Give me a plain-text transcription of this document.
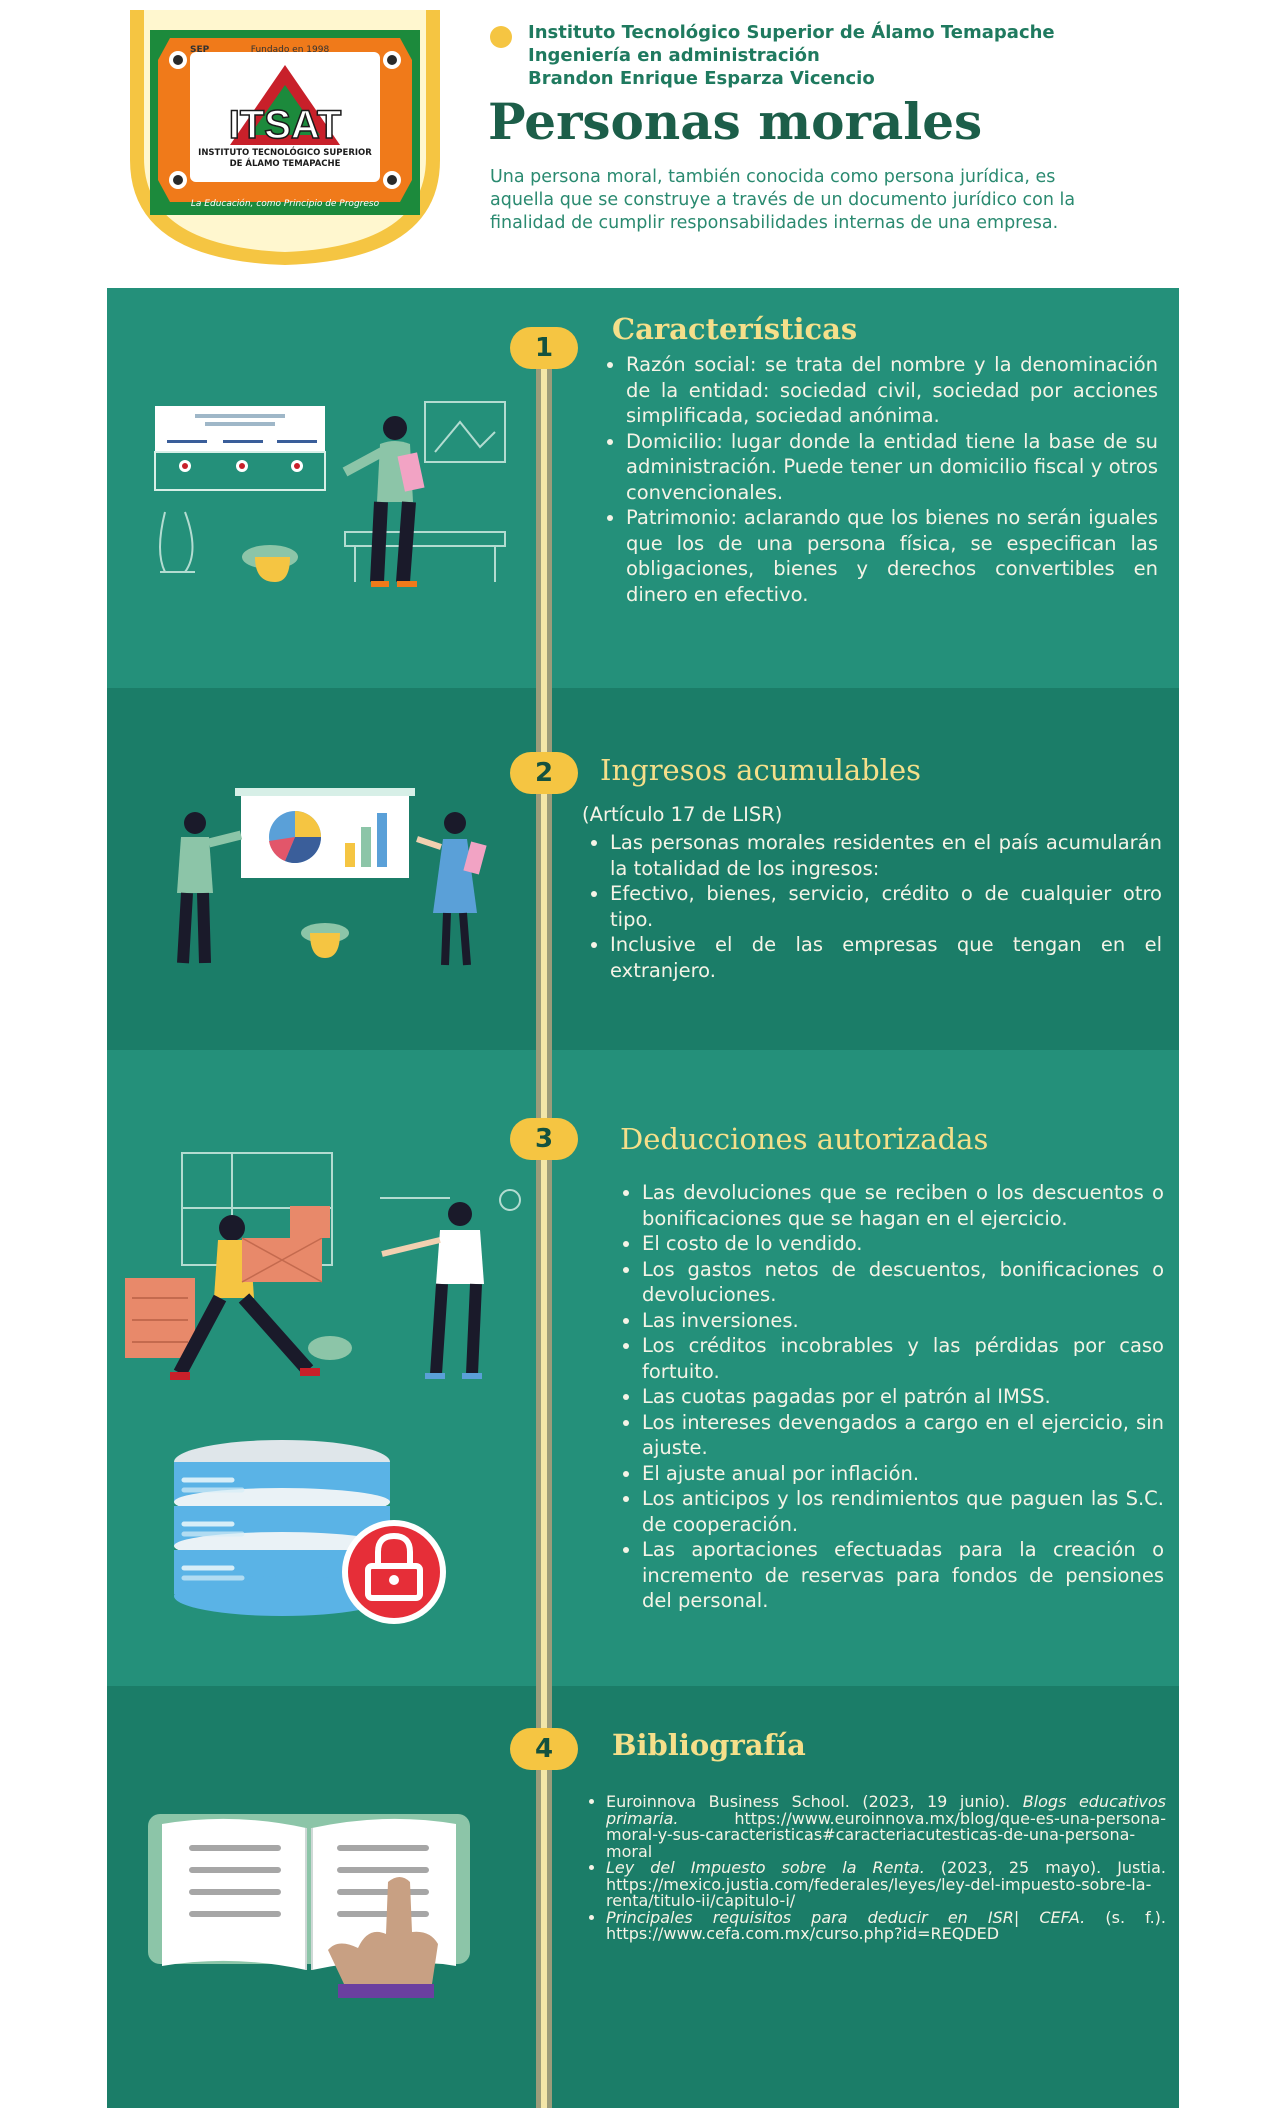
Fundado en 1998
SEP
ITSAT
INSTITUTO TECNOLÓGICO SUPERIOR
DE ÁLAMO TEMAPACHE
La Educación, como Principio de Progreso
Instituto Tecnológico Superior de Álamo Temapache
Ingeniería en administración
Brandon Enrique Esparza Vicencio
Personas morales
Una persona moral, también conocida como persona jurídica, es aquella que se construye a través de un documento jurídico con la finalidad de cumplir responsabilidades internas de una empresa.
1
Características
• Razón social: se trata del nombre y la denominación de la entidad: sociedad civil, sociedad por acciones simplificada, sociedad anónima.
• Domicilio: lugar donde la entidad tiene la base de su administración. Puede tener un domicilio fiscal y otros convencionales.
• Patrimonio: aclarando que los bienes no serán iguales que los de una persona física, se especifican las obligaciones, bienes y derechos convertibles en dinero en efectivo.
2	Ingresos acumulables
(Artículo 17 de LISR)
• Las personas morales residentes en el país acumularán la totalidad de los ingresos:
• Efectivo, bienes, servicio, crédito o de cualquier otro tipo.
• Inclusive el de las empresas que tengan en el extranjero.
3	Deducciones autorizadas
• Las devoluciones que se reciben o los descuentos o bonificaciones que se hagan en el ejercicio.
• El costo de lo vendido.
• Los gastos netos de descuentos, bonificaciones o devoluciones.
• Las inversiones.
• Los créditos incobrables y las pérdidas por caso fortuito.
• Las cuotas pagadas por el patrón al IMSS.
• Los intereses devengados a cargo en el ejercicio, sin ajuste.
• El ajuste anual por inflación.
• Los anticipos y los rendimientos que paguen las S.C. de cooperación.
• Las aportaciones efectuadas para la creación o incremento de reservas para fondos de pensiones del personal.
4	Bibliografía
• Euroinnova Business School. (2023, 19 junio). Blogs educativos primaria. https://www.euroinnova.mx/blog/que-es-una-persona-moral-y-sus-caracteristicas#caracteriacutesticas-de-una-persona-moral
• Ley del Impuesto sobre la Renta. (2023, 25 mayo). Justia. https://mexico.justia.com/federales/leyes/ley-del-impuesto-sobre-la-renta/titulo-ii/capitulo-i/
• Principales requisitos para deducir en ISR| CEFA. (s. f.). https://www.cefa.com.mx/curso.php?id=REQDED
